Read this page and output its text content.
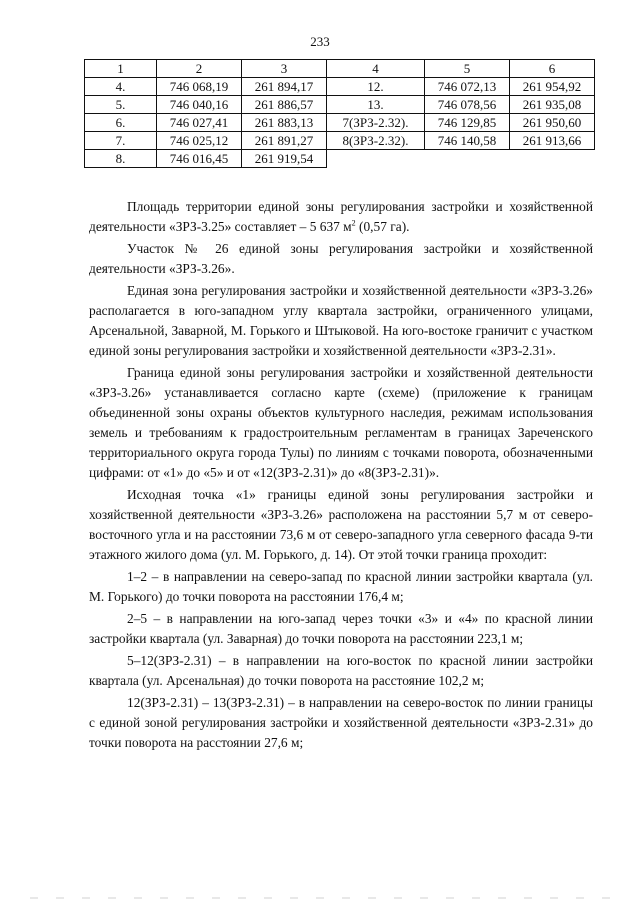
233
1	2	3	4	5	6
4.	746 068,19	261 894,17	12.	746 072,13	261 954,92
5.	746 040,16	261 886,57	13.	746 078,56	261 935,08
6.	746 027,41	261 883,13	7(ЗРЗ-2.32).	746 129,85	261 950,60
7.	746 025,12	261 891,27	8(ЗРЗ-2.32).	746 140,58	261 913,66
8.	746 016,45	261 919,54			

Площадь территории единой зоны регулирования застройки и хозяйственной деятельности «ЗРЗ-3.25» составляет – 5 637 $м^2$ (0,57 га).

Участок № 26 единой зоны регулирования застройки и хозяйственной деятельности «ЗРЗ-3.26».

Единая зона регулирования застройки и хозяйственной деятельности «ЗРЗ-3.26» располагается в юго-западном углу квартала застройки, ограниченного улицами, Арсенальной, Заварной, М. Горького и Штыковой. На юго-востоке граничит с участком единой зоны регулирования застройки и хозяйственной деятельности «ЗРЗ-2.31».

Граница единой зоны регулирования застройки и хозяйственной деятельности «ЗРЗ-3.26» устанавливается согласно карте (схеме) (приложение к границам объединенной зоны охраны объектов культурного наследия, режимам использования земель и требованиям к градостроительным регламентам в границах Зареченского территориального округа города Тулы) по линиям с точками поворота, обозначенными цифрами: от «1» до «5» и от «12(ЗРЗ-2.31)» до «8(ЗРЗ-2.31)».

Исходная точка «1» границы единой зоны регулирования застройки и хозяйственной деятельности «ЗРЗ-3.26» расположена на расстоянии 5,7 м от северо-восточного угла и на расстоянии 73,6 м от северо-западного угла северного фасада 9-ти этажного жилого дома (ул. М. Горького, д. 14). От этой точки граница проходит:

1–2 – в направлении на северо-запад по красной линии застройки квартала (ул. М. Горького) до точки поворота на расстоянии 176,4 м;

2–5 – в направлении на юго-запад через точки «3» и «4» по красной линии застройки квартала (ул. Заварная) до точки поворота на расстоянии 223,1 м;

5–12(ЗРЗ-2.31) – в направлении на юго-восток по красной линии застройки квартала (ул. Арсенальная) до точки поворота на расстояние 102,2 м;

12(ЗРЗ-2.31) – 13(ЗРЗ-2.31) – в направлении на северо-восток по линии границы с единой зоной регулирования застройки и хозяйственной деятельности «ЗРЗ-2.31» до точки поворота на расстоянии 27,6 м;
